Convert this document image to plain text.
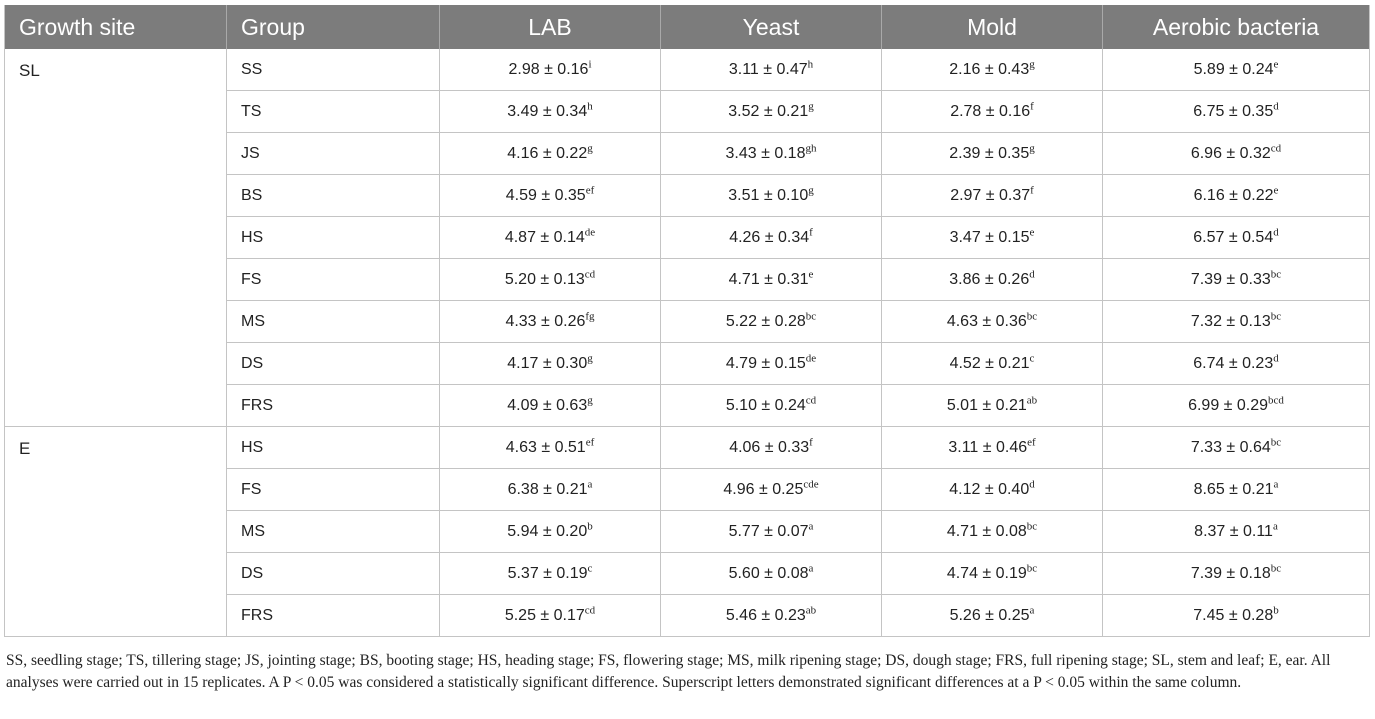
Growth site	Group	LAB	Yeast	Mold	Aerobic bacteria
SL	SS	$2.98 \pm 0.16^i$	3.11 ± 0.47$^h$	2.16 ± 0.43$^g$	5.89 ± 0.24$^e$
	TS	3.49 ± 0.34$^h$	3.52 ± 0.21$^g$	2.78 ± 0.16$^f$	6.75 ± 0.35$^d$
	JS	4.16 ± 0.22$^g$	3.43 ± 0.18$^{gh}$	2.39 ± 0.35$^g$	6.96 ± 0.32$^{cd}$
	BS	4.59 ± 0.35$^{ef}$	3.51 ± 0.10$^g$	2.97 ± 0.37$^f$	6.16 ± 0.22$^e$
	HS	4.87 ± 0.14de	4.26 ± 0.34$^f$	3.47 ± 0.15$^e$	6.57 ± 0.54$^d$
	FS	5.20 ± 0.13$^{cd}$	4.71 ± 0.31$^e$	3.86 ± 0.26$^d$	7.39 ± 0.33$^{bc}$
	MS	4.33 ± 0.26$^{fg}$	5.22 ± 0.28$^{bc}$	4.63 ± 0.36$^{bc}$	7.32 ± 0.13$^{bc}$
	DS	4.17 ± 0.30$^g$	4.79 ± 0.15de	4.52 ± 0.21$^c$	6.74 ± 0.23$^d$
	FRS	4.09 ± 0.63$^g$	5.10 ± 0.24$^{cd}$	5.01 ± 0.21$^{ab}$	6.99 ± 0.29$^{bcd}$
E	HS	4.63 ± 0.51$^{ef}$	4.06 ± 0.33$^f$	3.11 ± 0.46$^{ef}$	7.33 ± 0.64$^{bc}$
	FS	6.38 ± 0.21$^a$	4.96 ± 0.25$^{cde}$	4.12 ± 0.40$^d$	8.65 ± 0.21$^a$
	MS	5.94 ± 0.20$^b$	5.77 ± 0.07$^a$	4.71 ± 0.08$^{bc}$	8.37 ± 0.11$^a$
	DS	5.37 ± 0.19$^c$	5.60 ± 0.08$^a$	4.74 ± 0.19$^{bc}$	7.39 ± 0.18$^{bc}$
	FRS	5.25 ± 0.17$^{cd}$	5.46 ± 0.23$^{ab}$	5.26 ± 0.25$^a$	7.45 ± 0.28$^b$

SS, seedling stage; TS, tillering stage; JS, jointing stage; BS, booting stage; HS, heading stage; FS, flowering stage; MS, milk ripening stage; DS, dough stage; FRS, full ripening stage; SL, stem and leaf; E, ear. All analyses were carried out in 15 replicates. A P < 0.05 was considered a statistically significant difference. Superscript letters demonstrated significant differences at a P < 0.05 within the same column.
